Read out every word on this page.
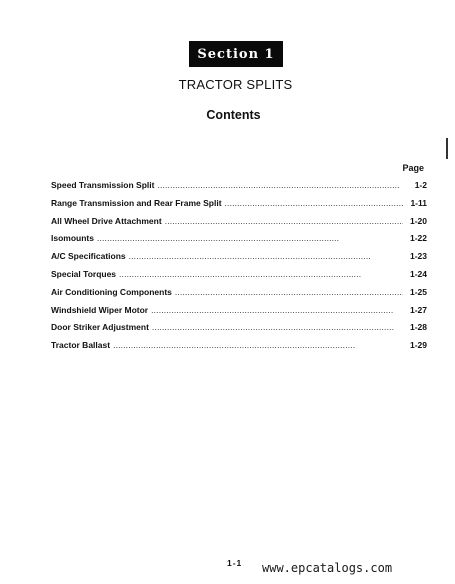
Section 1
TRACTOR SPLITS
Contents
Page
Speed Transmission Split . . .	1-2
Range Transmission and Rear Frame Split . . .	1-11
All Wheel Drive Attachment . . .	1-20
Isomounts . . .	1-22
A/C Specifications . . .	1-23
Special Torques . . .	1-24
Air Conditioning Components . . .	1-25
Windshield Wiper Motor . . .	1-27
Door Striker Adjustment . . .	1-28
Tractor Ballast . . .	1-29
1-1 www.epcatalogs.com
